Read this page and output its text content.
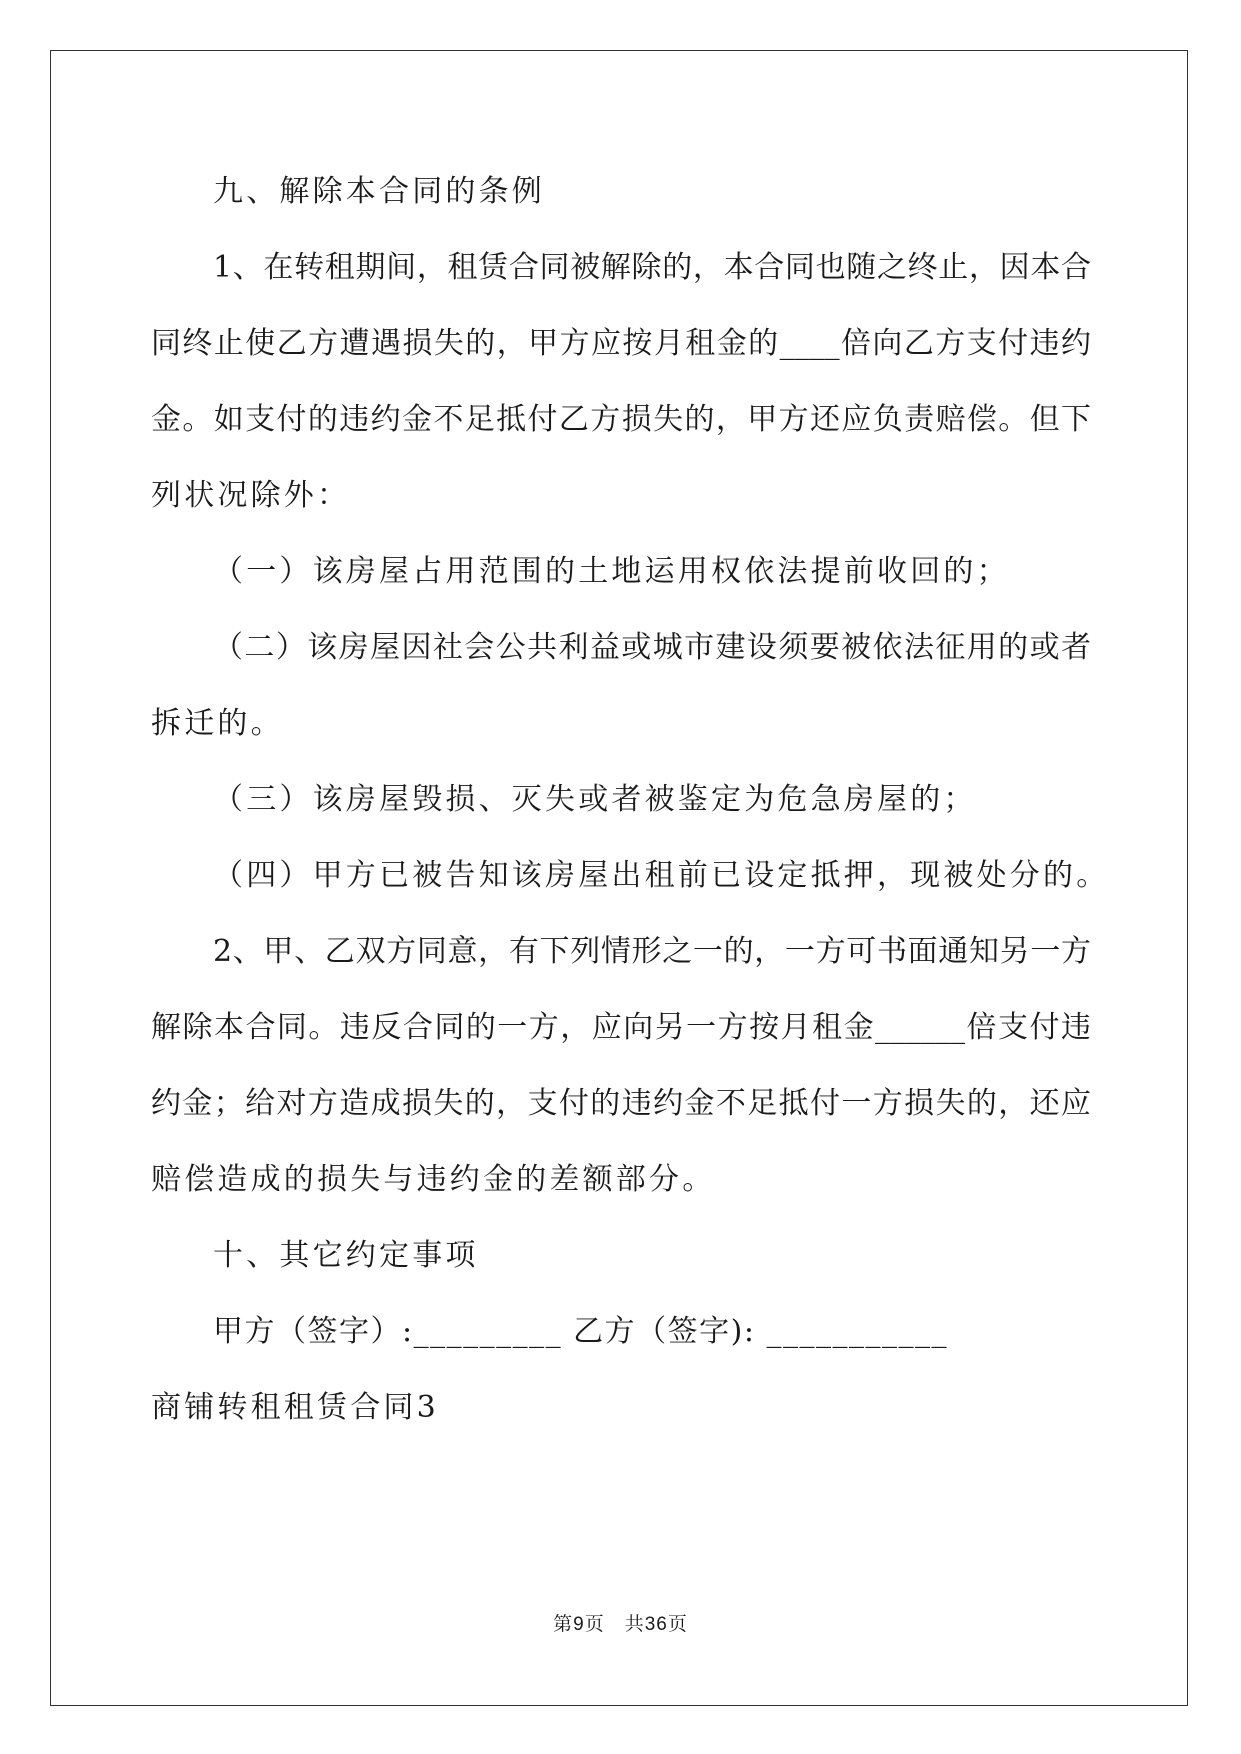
九、解除本合同的条例
1、在转租期间，租赁合同被解除的，本合同也随之终止，因本合
同终止使乙方遭遇损失的，甲方应按月租金的____倍向乙方支付违约
金。如支付的违约金不足抵付乙方损失的，甲方还应负责赔偿。但下
列状况除外：
（一）该房屋占用范围的土地运用权依法提前收回的；
（二）该房屋因社会公共利益或城市建设须要被依法征用的或者
拆迁的。
（三）该房屋毁损、灭失或者被鉴定为危急房屋的；
（四）甲方已被告知该房屋出租前已设定抵押，现被处分的。
2、甲、乙双方同意，有下列情形之一的，一方可书面通知另一方
解除本合同。违反合同的一方，应向另一方按月租金______倍支付违
约金；给对方造成损失的，支付的违约金不足抵付一方损失的，还应
赔偿造成的损失与违约金的差额部分。
十、其它约定事项
甲方（签字）:_________ 乙方（签字): ___________
商铺转租租赁合同3
第9页 共36页
